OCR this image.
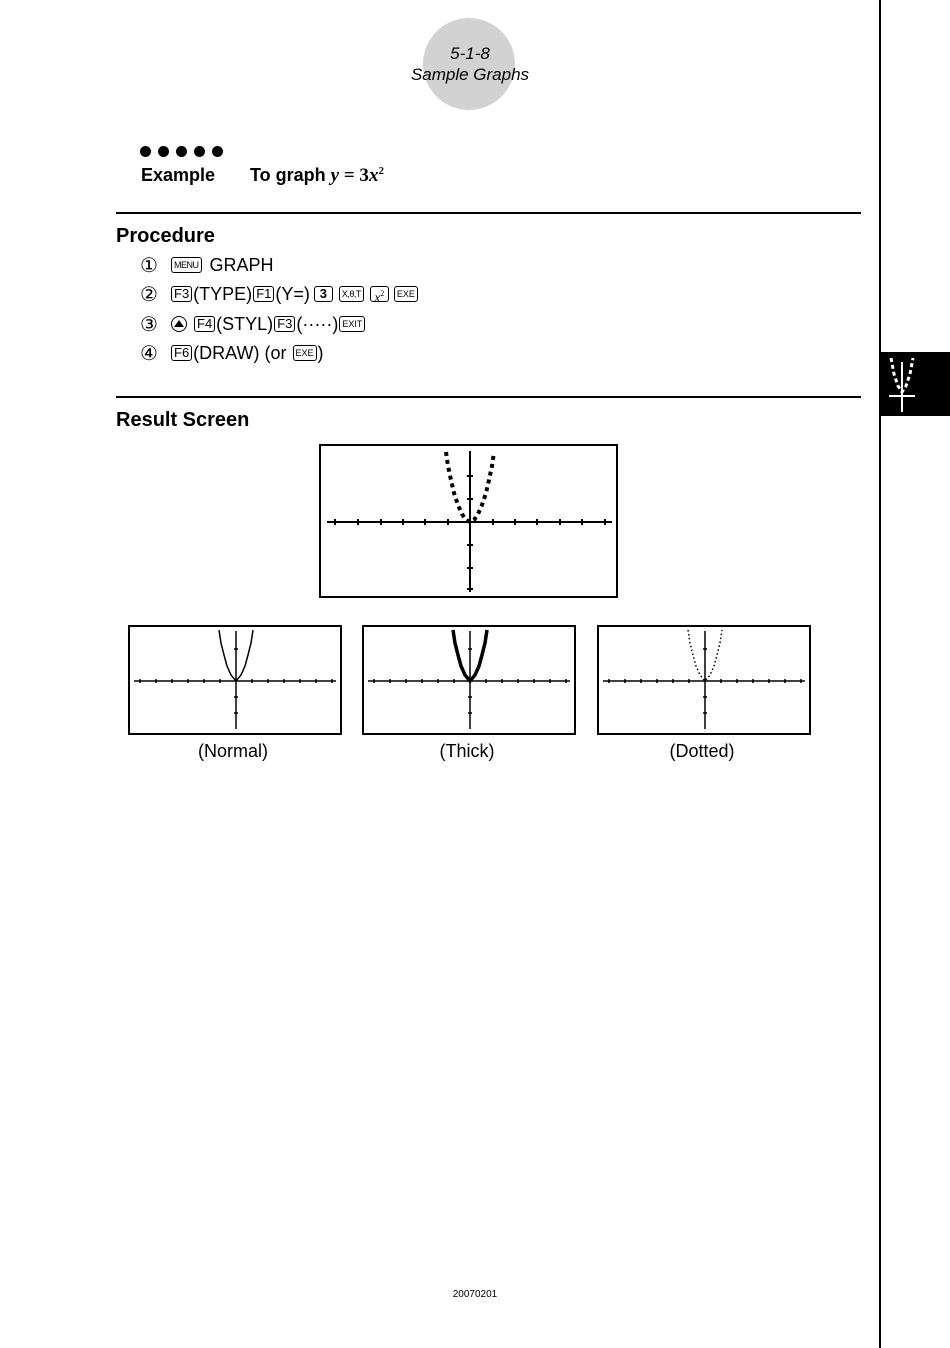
5-1-8
Sample Graphs
Example To graph $y = 3x^2$
Procedure
①	MENU GRAPH
②	F3 (TYPE) F1 (Y=) 3	X,θ,T	$x^2$	EXE
③	F4 (STYL) F3 (·····) EXIT
④	F6 (DRAW) (or	EXE )
Result Screen
(Normal)	(Thick)	(Dotted)
20070201
